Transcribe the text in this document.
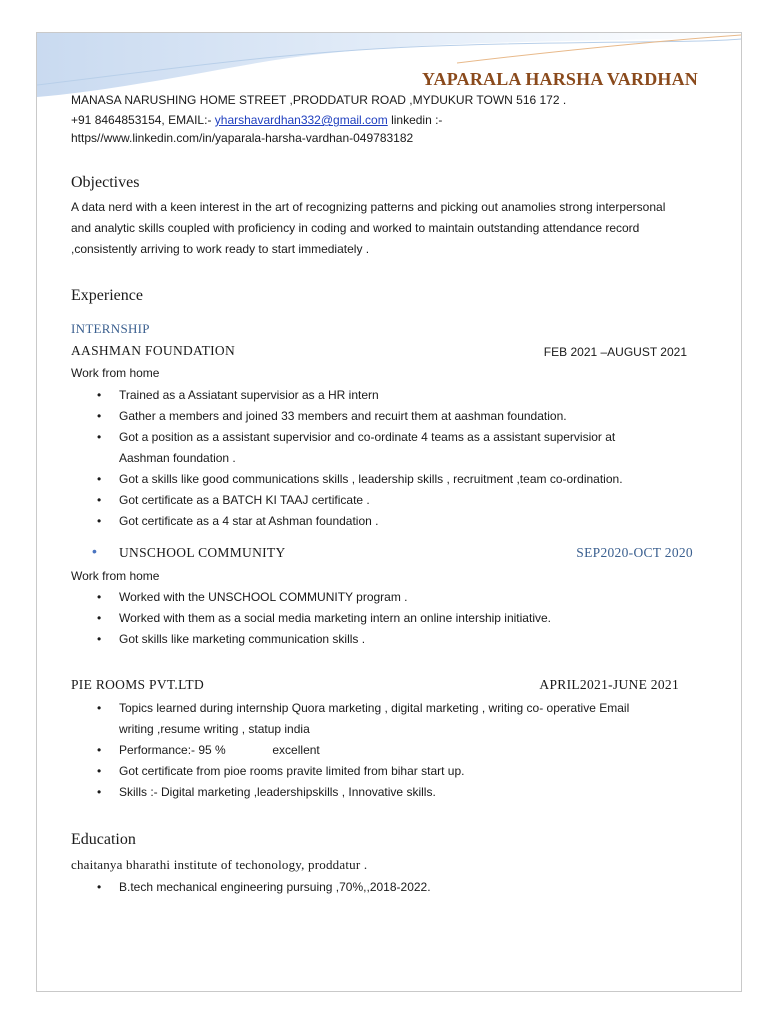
YAPARALA HARSHA VARDHAN
MANASA NARUSHING HOME STREET ,PRODDATUR ROAD ,MYDUKUR TOWN 516 172 .
+91 8464853154, EMAIL:- yharshavardhan332@gmail.com linkedin :-
https//www.linkedin.com/in/yaparala-harsha-vardhan-049783182
Objectives
A data nerd with a keen interest in the art of recognizing patterns and picking out anamolies strong interpersonal and analytic skills coupled with proficiency in coding and worked to maintain outstanding attendance record ,consistently arriving to work ready to start immediately .
Experience
INTERNSHIP
AASHMAN FOUNDATION	FEB 2021 –AUGUST 2021
Work from home
• Trained as a Assiatant supervisior as a HR intern
• Gather a members and joined 33 members and recuirt them at aashman foundation.
• Got a position as a assistant supervisior and co-ordinate 4 teams as a assistant supervisior at Aashman foundation .
• Got a skills like good communications skills , leadership skills , recruitment ,team co-ordination.
• Got certificate as a BATCH KI TAAJ certificate .
• Got certificate as a 4 star at Ashman foundation .
• UNSCHOOL COMMUNITY	SEP2020-OCT 2020
Work from home
• Worked with the UNSCHOOL COMMUNITY program .
• Worked with them as a social media marketing intern an online intership initiative.
• Got skills like marketing communication skills .
PIE ROOMS PVT.LTD	APRIL2021-JUNE 2021
• Topics learned during internship Quora marketing , digital marketing , writing co- operative Email writing ,resume writing , statup india
• Performance:- 95 %              excellent
• Got certificate from pioe rooms pravite limited from bihar start up.
• Skills :- Digital marketing ,leadershipskills , Innovative skills.
Education
chaitanya bharathi institute of techonology, proddatur .
• B.tech mechanical engineering pursuing ,70%,,2018-2022.
